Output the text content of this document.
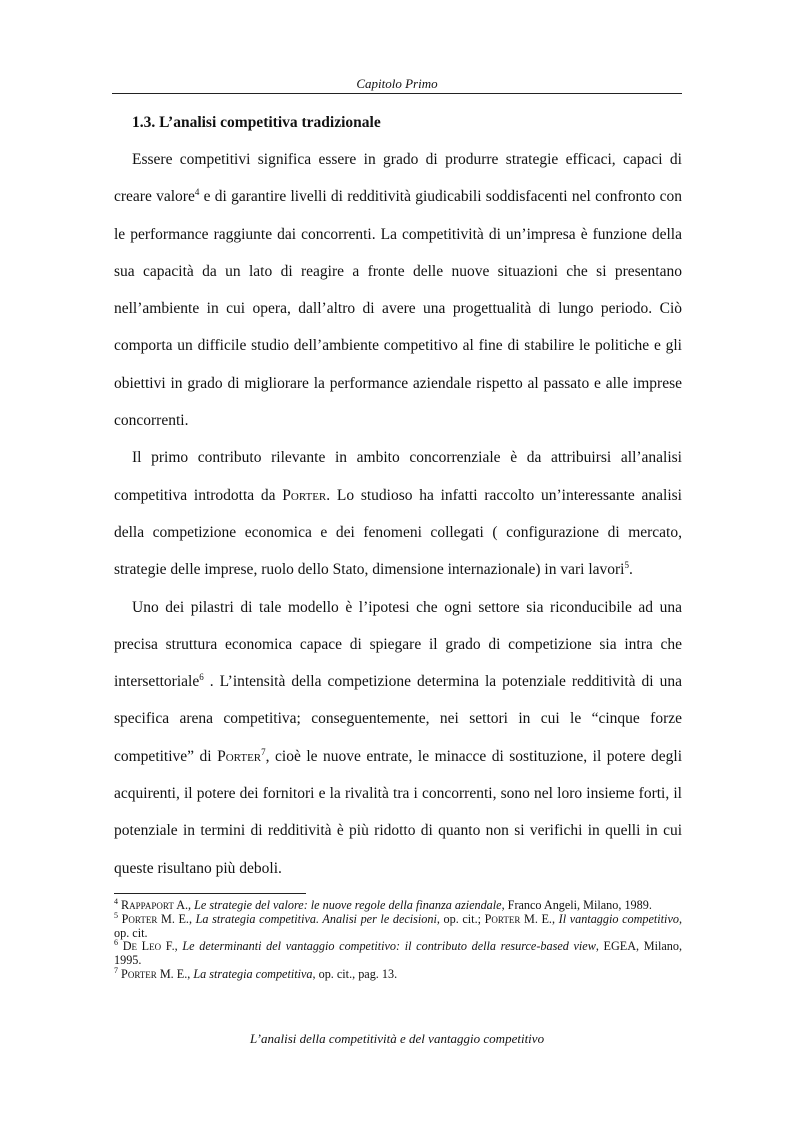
Capitolo Primo
1.3. L’analisi competitiva tradizionale

Essere competitivi significa essere in grado di produrre strategie efficaci, capaci di creare valore$^4$ e di garantire livelli di redditività giudicabili soddisfacenti nel confronto con le performance raggiunte dai concorrenti. La competitività di un’impresa è funzione della sua capacità da un lato di reagire a fronte delle nuove situazioni che si presentano nell’ambiente in cui opera, dall’altro di avere una progettualità di lungo periodo. Ciò comporta un difficile studio dell’ambiente competitivo al fine di stabilire le politiche e gli obiettivi in grado di migliorare la performance aziendale rispetto al passato e alle imprese concorrenti.

Il primo contributo rilevante in ambito concorrenziale è da attribuirsi all’analisi competitiva introdotta da Porter. Lo studioso ha infatti raccolto un’interessante analisi della competizione economica e dei fenomeni collegati ( configurazione di mercato, strategie delle imprese, ruolo dello Stato, dimensione internazionale) in vari lavori$^5$.

Uno dei pilastri di tale modello è l’ipotesi che ogni settore sia riconducibile ad una precisa struttura economica capace di spiegare il grado di competizione sia intra che intersettoriale$^6$ . L’intensità della competizione determina la potenziale redditività di una specifica arena competitiva; conseguentemente, nei settori in cui le “cinque forze competitive” di Porter$^7$, cioè le nuove entrate, le minacce di sostituzione, il potere degli acquirenti, il potere dei fornitori e la rivalità tra i concorrenti, sono nel loro insieme forti, il potenziale in termini di redditività è più ridotto di quanto non si verifichi in quelli in cui queste risultano più deboli.

$^4$ Rappaport A., Le strategie del valore: le nuove regole della finanza aziendale, Franco Angeli, Milano, 1989.
$^5$ Porter M. E., La strategia competitiva. Analisi per le decisioni, op. cit.; Porter M. E., Il vantaggio competitivo, op. cit.
$^6$ De Leo F., Le determinanti del vantaggio competitivo: il contributo della resurce-based view, EGEA, Milano, 1995.
$^7$ Porter M. E., La strategia competitiva, op. cit., pag. 13.
L’analisi della competitività e del vantaggio competitivo
